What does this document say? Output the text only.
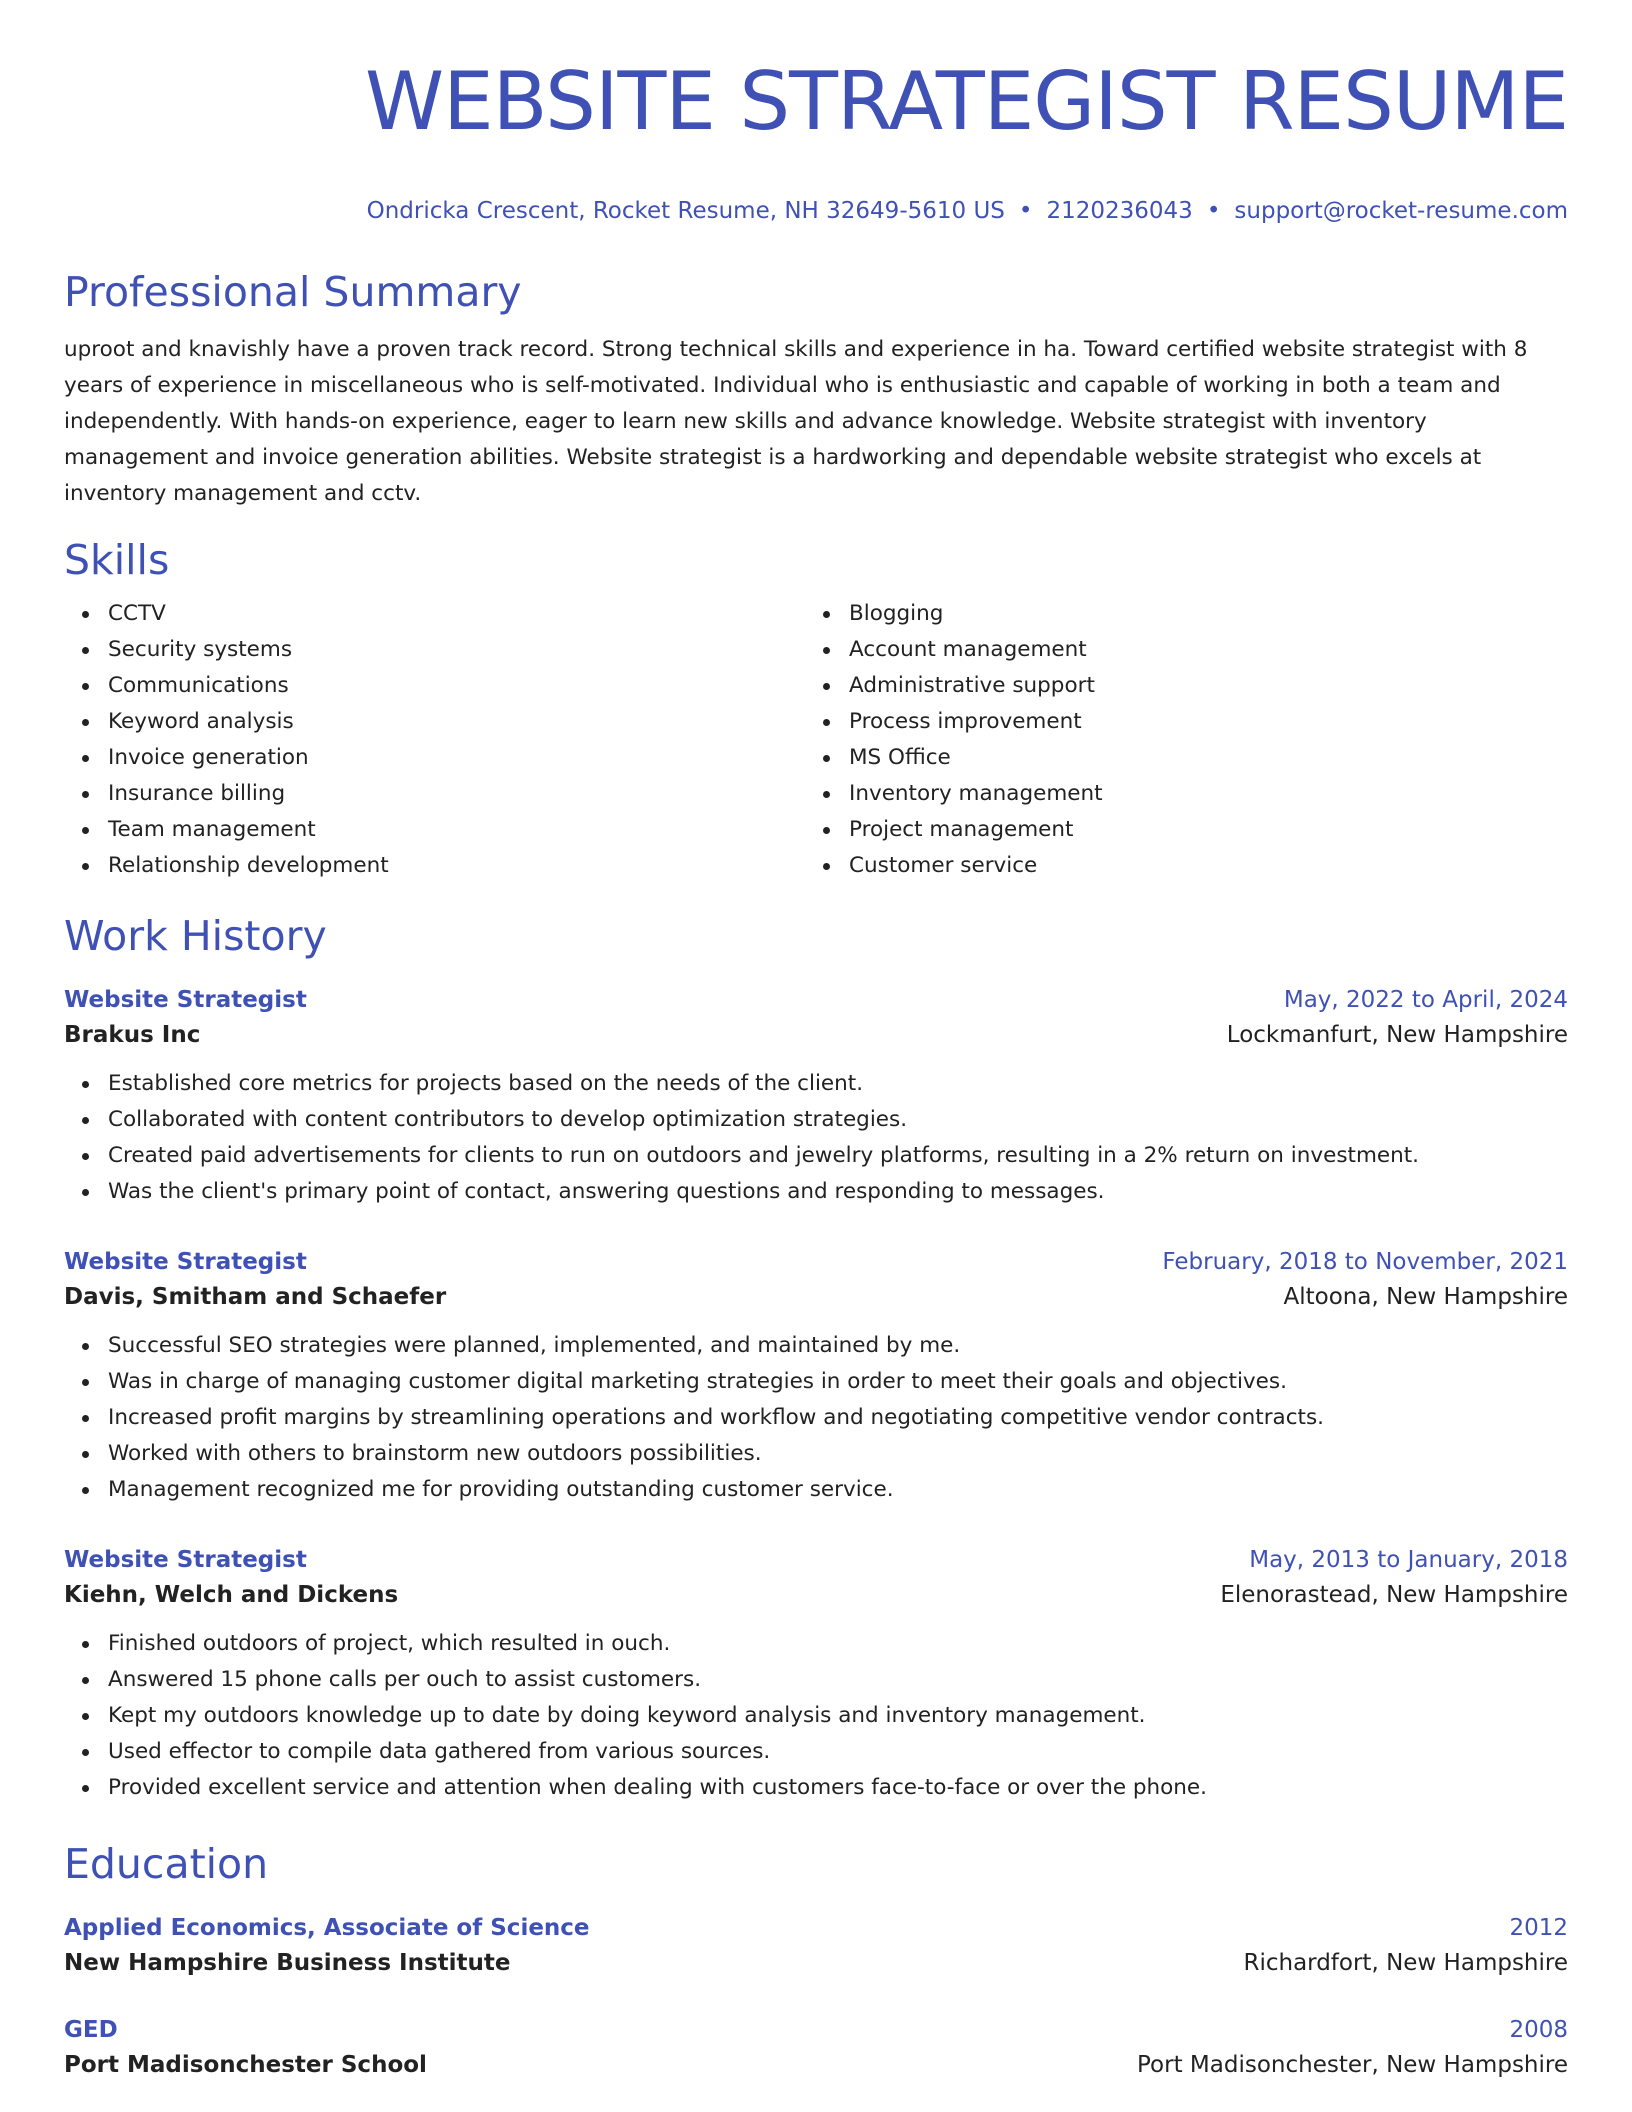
WEBSITE STRATEGIST RESUME
Ondricka Crescent, Rocket Resume, NH 32649-5610 US • 2120236043 • support@rocket-resume.com
Professional Summary
uproot and knavishly have a proven track record. Strong technical skills and experience in ha. Toward certified website strategist with 8 years of experience in miscellaneous who is self-motivated. Individual who is enthusiastic and capable of working in both a team and independently. With hands-on experience, eager to learn new skills and advance knowledge. Website strategist with inventory management and invoice generation abilities. Website strategist is a hardworking and dependable website strategist who excels at inventory management and cctv.
Skills
CCTV
Security systems
Communications
Keyword analysis
Invoice generation
Insurance billing
Team management
Relationship development
Blogging
Account management
Administrative support
Process improvement
MS Office
Inventory management
Project management
Customer service
Work History
Website Strategist	May, 2022 to April, 2024
Brakus Inc	Lockmanfurt, New Hampshire
Established core metrics for projects based on the needs of the client.
Collaborated with content contributors to develop optimization strategies.
Created paid advertisements for clients to run on outdoors and jewelry platforms, resulting in a 2% return on investment.
Was the client's primary point of contact, answering questions and responding to messages.
Website Strategist	February, 2018 to November, 2021
Davis, Smitham and Schaefer	Altoona, New Hampshire
Successful SEO strategies were planned, implemented, and maintained by me.
Was in charge of managing customer digital marketing strategies in order to meet their goals and objectives.
Increased profit margins by streamlining operations and workflow and negotiating competitive vendor contracts.
Worked with others to brainstorm new outdoors possibilities.
Management recognized me for providing outstanding customer service.
Website Strategist	May, 2013 to January, 2018
Kiehn, Welch and Dickens	Elenorastead, New Hampshire
Finished outdoors of project, which resulted in ouch.
Answered 15 phone calls per ouch to assist customers.
Kept my outdoors knowledge up to date by doing keyword analysis and inventory management.
Used effector to compile data gathered from various sources.
Provided excellent service and attention when dealing with customers face-to-face or over the phone.
Education
Applied Economics, Associate of Science	2012
New Hampshire Business Institute	Richardfort, New Hampshire
GED	2008
Port Madisonchester School	Port Madisonchester, New Hampshire
